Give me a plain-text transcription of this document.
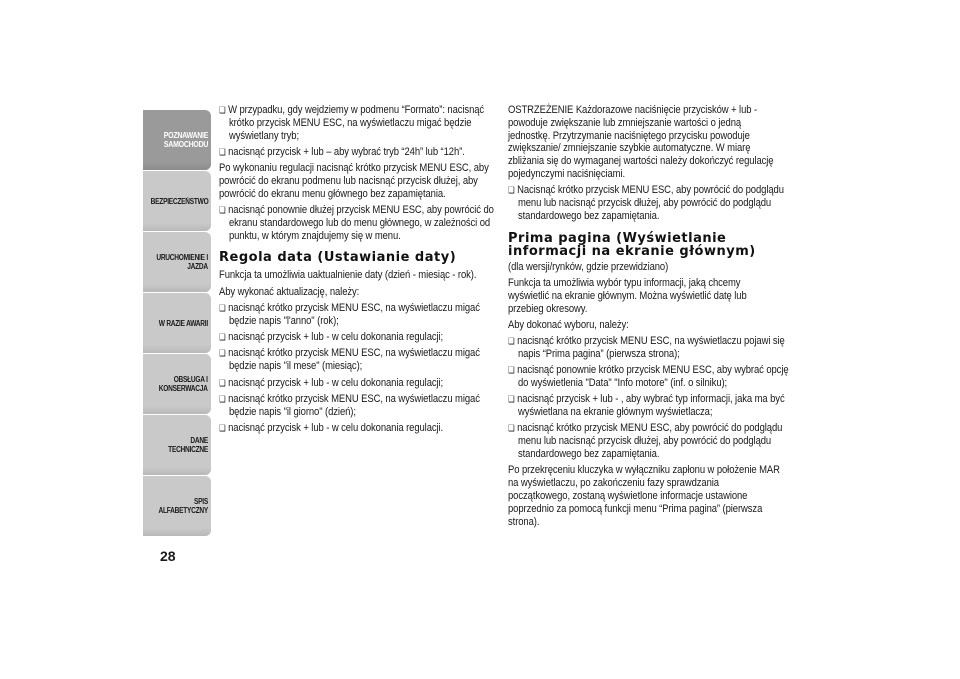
POZNAWANIE
SAMOCHODU
BEZPIECZEŃSTWO
URUCHOMIENIE I
JAZDA
W RAZIE AWARII
OBSŁUGA I
KONSERWACJA
DANE TECHNICZNE
SPIS ALFABETYCZNY
28

❏ W przypadku, gdy wejdziemy w podmenu “Formato”: nacisnąć krótko przycisk MENU ESC, na wyświetlaczu migać będzie wyświetlany tryb;

❏ nacisnąć przycisk + lub – aby wybrać tryb “24h” lub “12h”.

Po wykonaniu regulacji nacisnąć krótko przycisk MENU ESC, aby powrócić do ekranu podmenu lub nacisnąć przycisk dłużej, aby powrócić do ekranu menu głównego bez zapamiętania.

❏ nacisnąć ponownie dłużej przycisk MENU ESC, aby powrócić do ekranu standardowego lub do menu głównego, w zależności od punktu, w którym znajdujemy się w menu.

Regola data (Ustawianie daty)

Funkcja ta umożliwia uaktualnienie daty (dzień - miesiąc - rok).

Aby wykonać aktualizację, należy:

❏ nacisnąć krótko przycisk MENU ESC, na wyświetlaczu migać będzie napis "l'anno" (rok);

❏ nacisnąć przycisk + lub - w celu dokonania regulacji;

❏ nacisnąć krótko przycisk MENU ESC, na wyświetlaczu migać będzie napis "il mese" (miesiąc);

❏ nacisnąć przycisk + lub - w celu dokonania regulacji;

❏ nacisnąć krótko przycisk MENU ESC, na wyświetlaczu migać będzie napis "il giorno" (dzień);

❏ nacisnąć przycisk + lub - w celu dokonania regulacji.

OSTRZEŻENIE Każdorazowe naciśnięcie przycisków + lub - powoduje zwiększanie lub zmniejszanie wartości o jedną jednostkę. Przytrzymanie naciśniętego przycisku powoduje zwiększanie/ zmniejszanie szybkie automatyczne. W miarę zbliżania się do wymaganej wartości należy dokończyć regulację pojedynczymi naciśnięciami.

❏ Nacisnąć krótko przycisk MENU ESC, aby powrócić do podglądu menu lub nacisnąć przycisk dłużej, aby powrócić do podglądu standardowego bez zapamiętania.

Prima pagina (Wyświetlanie informacji na ekranie głównym)

(dla wersji/rynków, gdzie przewidziano)

Funkcja ta umożliwia wybór typu informacji, jaką chcemy wyświetlić na ekranie głównym. Można wyświetlić datę lub przebieg okresowy.

Aby dokonać wyboru, należy:

❏ nacisnąć krótko przycisk MENU ESC, na wyświetlaczu pojawi się napis “Prima pagina” (pierwsza strona);

❏ nacisnąć ponownie krótko przycisk MENU ESC, aby wybrać opcję do wyświetlenia "Data" "Info motore" (inf. o silniku);

❏ nacisnąć przycisk + lub - , aby wybrać typ informacji, jaka ma być wyświetlana na ekranie głównym wyświetlacza;

❏ nacisnąć krótko przycisk MENU ESC, aby powrócić do podglądu menu lub nacisnąć przycisk dłużej, aby powrócić do podglądu standardowego bez zapamiętania.

Po przekręceniu kluczyka w wyłączniku zapłonu w położenie MAR na wyświetlaczu, po zakończeniu fazy sprawdzania początkowego, zostaną wyświetlone informacje ustawione poprzednio za pomocą funkcji menu “Prima pagina” (pierwsza strona).
